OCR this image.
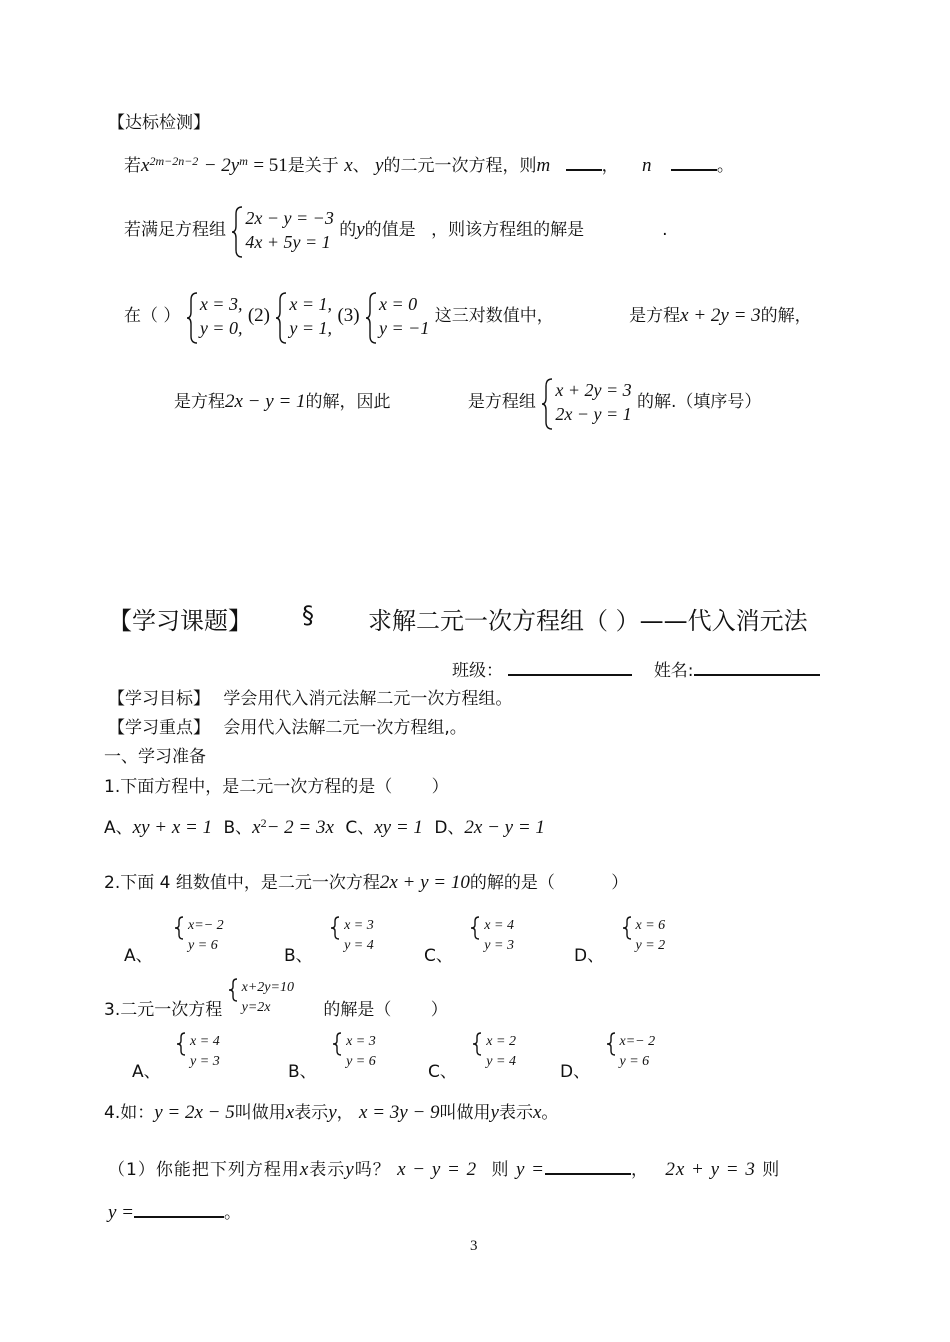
【达标检测】
若$x^{2m-2n-2} - 2y^m = 51$是关于 x、 y的二元一次方程，则m	， n	。
若满足方程组
2x − y = −3
4x + 5y = 1
的y的值是 ，则该方程组的解是	.
在（ ）
x = 3,
y = 0,
(2)
x = 1,
y = 1,
(3)
x = 0
y = −1
这三对数值中，	是方程x + 2y = 3的解，
是方程2x − y = 1的解，因此	是方程组
x + 2y = 3
2x − y = 1
的解.（填序号）
【学习课题】 § 求解二元一次方程组（ ）——代入消元法
班级：	姓名:
【学习目标】 学会用代入消元法解二元一次方程组。
【学习重点】 会用代入法解二元一次方程组,。
一、学习准备
1.下面方程中，是二元一次方程的是（　　 ）
A、xy + x = 1 B、$x^2- 2 = 3x$ C、xy = 1 D、2x − y = 1
2.下面 4 组数值中，是二元一次方程2x + y = 10的解的是（　　　 ）
A、
x=− 2
y = 6
B、
x = 3
y = 4
C、
x = 4
y = 3
D、
x = 6
y = 2
3.二元一次方程
x+2y=10
y=2x	的解是（　　 ）
A、
x = 4
y = 3
B、
x = 3
y = 6
C、
x = 2
y = 4
D、
x=− 2
y = 6
4.如：y = 2x − 5叫做用x表示y， x = 3y − 9叫做用y表示x。
（1）你能把下列方程用x表示y吗？ x − y = 2 则 y =	， 2x + y = 3 则
y =	。
3
